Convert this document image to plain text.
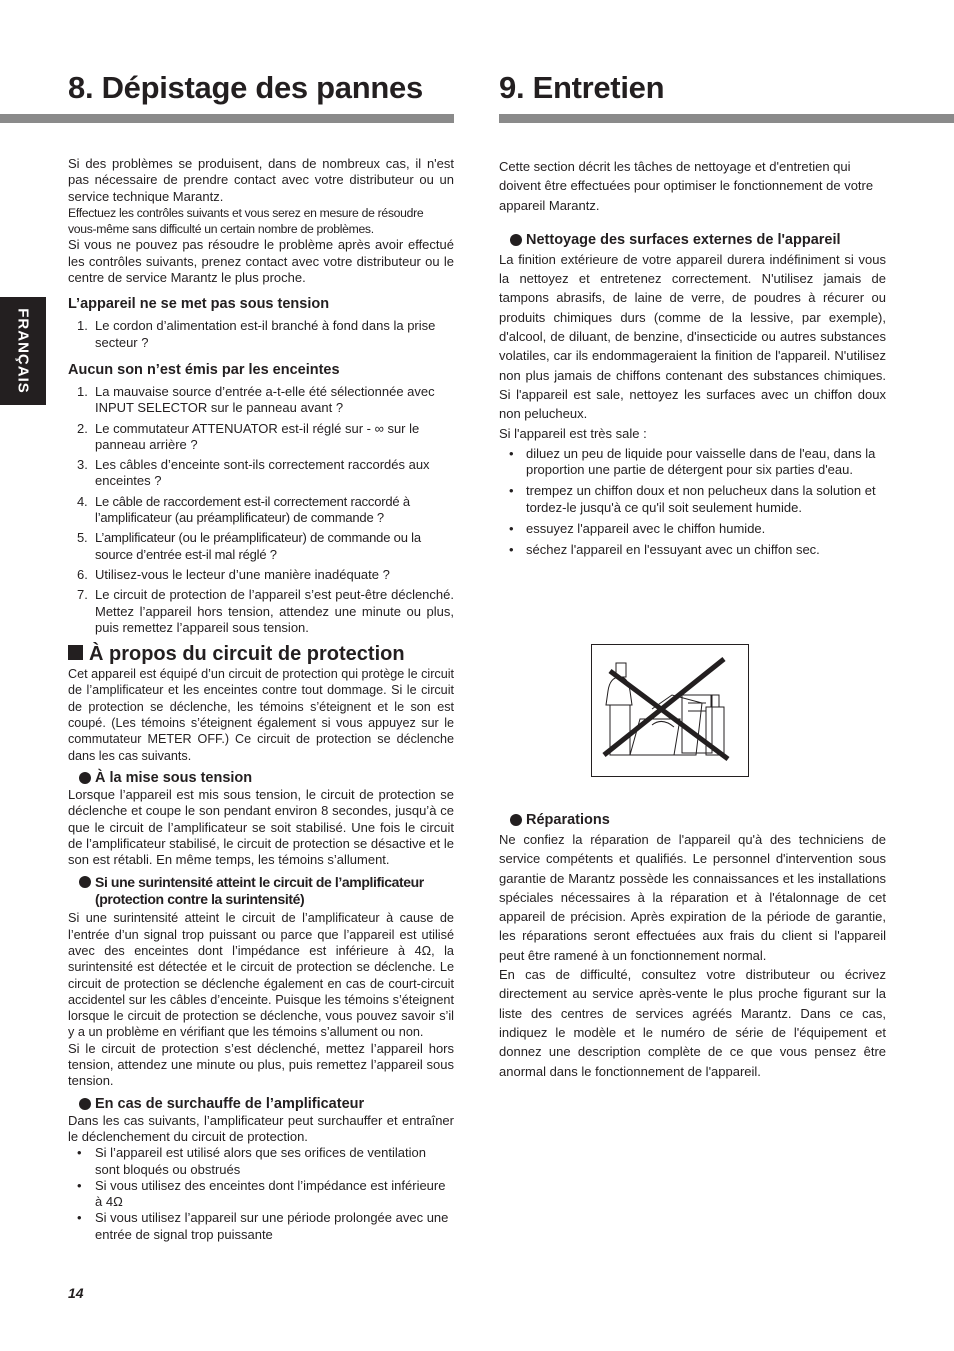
8. Dépistage des pannes
FRANÇAIS

Si des problèmes se produisent, dans de nombreux cas, il n'est pas nécessaire de prendre contact avec votre distributeur ou un service technique Marantz.

Effectuez les contrôles suivants et vous serez en mesure de résoudre vous-même sans difficulté un certain nombre de problèmes.

Si vous ne pouvez pas résoudre le problème après avoir effectué les contrôles suivants, prenez contact avec votre distributeur ou le centre de service Marantz le plus proche.

L’appareil ne se met pas sous tension
1. Le cordon d’alimentation est-il branché à fond dans la prise secteur ?
Aucun son n’est émis par les enceintes
1. La mauvaise source d’entrée a-t-elle été sélectionnée avec INPUT SELECTOR sur le panneau avant ?
2. Le commutateur ATTENUATOR est-il réglé sur - ∞ sur le panneau arrière ?
3. Les câbles d’enceinte sont-ils correctement raccordés aux enceintes ?
4. Le câble de raccordement est-il correctement raccordé à l’amplificateur (au préamplificateur) de commande ?
5. L’amplificateur (ou le préamplificateur) de commande ou la source d’entrée est-il mal réglé ?
6. Utilisez-vous le lecteur d’une manière inadéquate ?
7. Le circuit de protection de l’appareil s’est peut-être déclenché. Mettez l’appareil hors tension, attendez une minute ou plus, puis remettez l’appareil sous tension.
À propos du circuit de protection

Cet appareil est équipé d’un circuit de protection qui protège le circuit de l’amplificateur et les enceintes contre tout dommage. Si le circuit de protection se déclenche, les témoins s’éteignent et le son est coupé. (Les témoins s’éteignent également si vous appuyez sur le commutateur METER OFF.) Ce circuit de protection se déclenche dans les cas suivants.

À la mise sous tension

Lorsque l’appareil est mis sous tension, le circuit de protection se déclenche et coupe le son pendant environ 8 secondes, jusqu’à ce que le circuit de l’amplificateur se soit stabilisé. Une fois le circuit de l’amplificateur stabilisé, le circuit de protection se désactive et le son est rétabli. En même temps, les témoins s’allument.

Si une surintensité atteint le circuit de l’amplificateur (protection contre la surintensité)

Si une surintensité atteint le circuit de l’amplificateur à cause de l’entrée d’un signal trop puissant ou parce que l’appareil est utilisé avec des enceintes dont l’impédance est inférieure à 4Ω, la surintensité est détectée et le circuit de protection se déclenche. Le circuit de protection se déclenche également en cas de court-circuit accidentel sur les câbles d’enceinte. Puisque les témoins s’éteignent lorsque le circuit de protection se déclenche, vous pouvez savoir s’il y a un problème en vérifiant que les témoins s’allument ou non.

Si le circuit de protection s’est déclenché, mettez l’appareil hors tension, attendez une minute ou plus, puis remettez l’appareil sous tension.

En cas de surchauffe de l’amplificateur

Dans les cas suivants, l’amplificateur peut surchauffer et entraîner le déclenchement du circuit de protection.

• Si l’appareil est utilisé alors que ses orifices de ventilation sont bloqués ou obstrués
• Si vous utilisez des enceintes dont l’impédance est inférieure à 4Ω
• Si vous utilisez l’appareil sur une période prolongée avec une entrée de signal trop puissante
14
9. Entretien

Cette section décrit les tâches de nettoyage et d'entretien qui doivent être effectuées pour optimiser le fonctionnement de votre appareil Marantz.

Nettoyage des surfaces externes de l'appareil

La finition extérieure de votre appareil durera indéfiniment si vous la nettoyez et entretenez correctement. N'utilisez jamais de tampons abrasifs, de laine de verre, de poudres à récurer ou produits chimiques durs (comme de la lessive, par exemple), d'alcool, de diluant, de benzine, d'insecticide ou autres substances volatiles, car ils endommageraient la finition de l'appareil. N'utilisez non plus jamais de chiffons contenant des substances chimiques. Si l'appareil est sale, nettoyez les surfaces avec un chiffon doux non pelucheux.

Si l'appareil est très sale :

• diluez un peu de liquide pour vaisselle dans de l'eau, dans la proportion une partie de détergent pour six parties d'eau.
• trempez un chiffon doux et non pelucheux dans la solution et tordez-le jusqu'à ce qu'il soit seulement humide.
• essuyez l'appareil avec le chiffon humide.
• séchez l'appareil en l'essuyant avec un chiffon sec.
Réparations

Ne confiez la réparation de l'appareil qu'à des techniciens de service compétents et qualifiés. Le personnel d'intervention sous garantie de Marantz possède les connaissances et les installations spéciales nécessaires à la réparation et à l'étalonnage de cet appareil de précision. Après expiration de la période de garantie, les réparations seront effectuées aux frais du client si l'appareil peut être ramené à un fonctionnement normal.

En cas de difficulté, consultez votre distributeur ou écrivez directement au service après-vente le plus proche figurant sur la liste des centres de services agréés Marantz. Dans ce cas, indiquez le modèle et le numéro de série de l'équipement et donnez une description complète de ce que vous pensez être anormal dans le fonctionnement de l'appareil.
